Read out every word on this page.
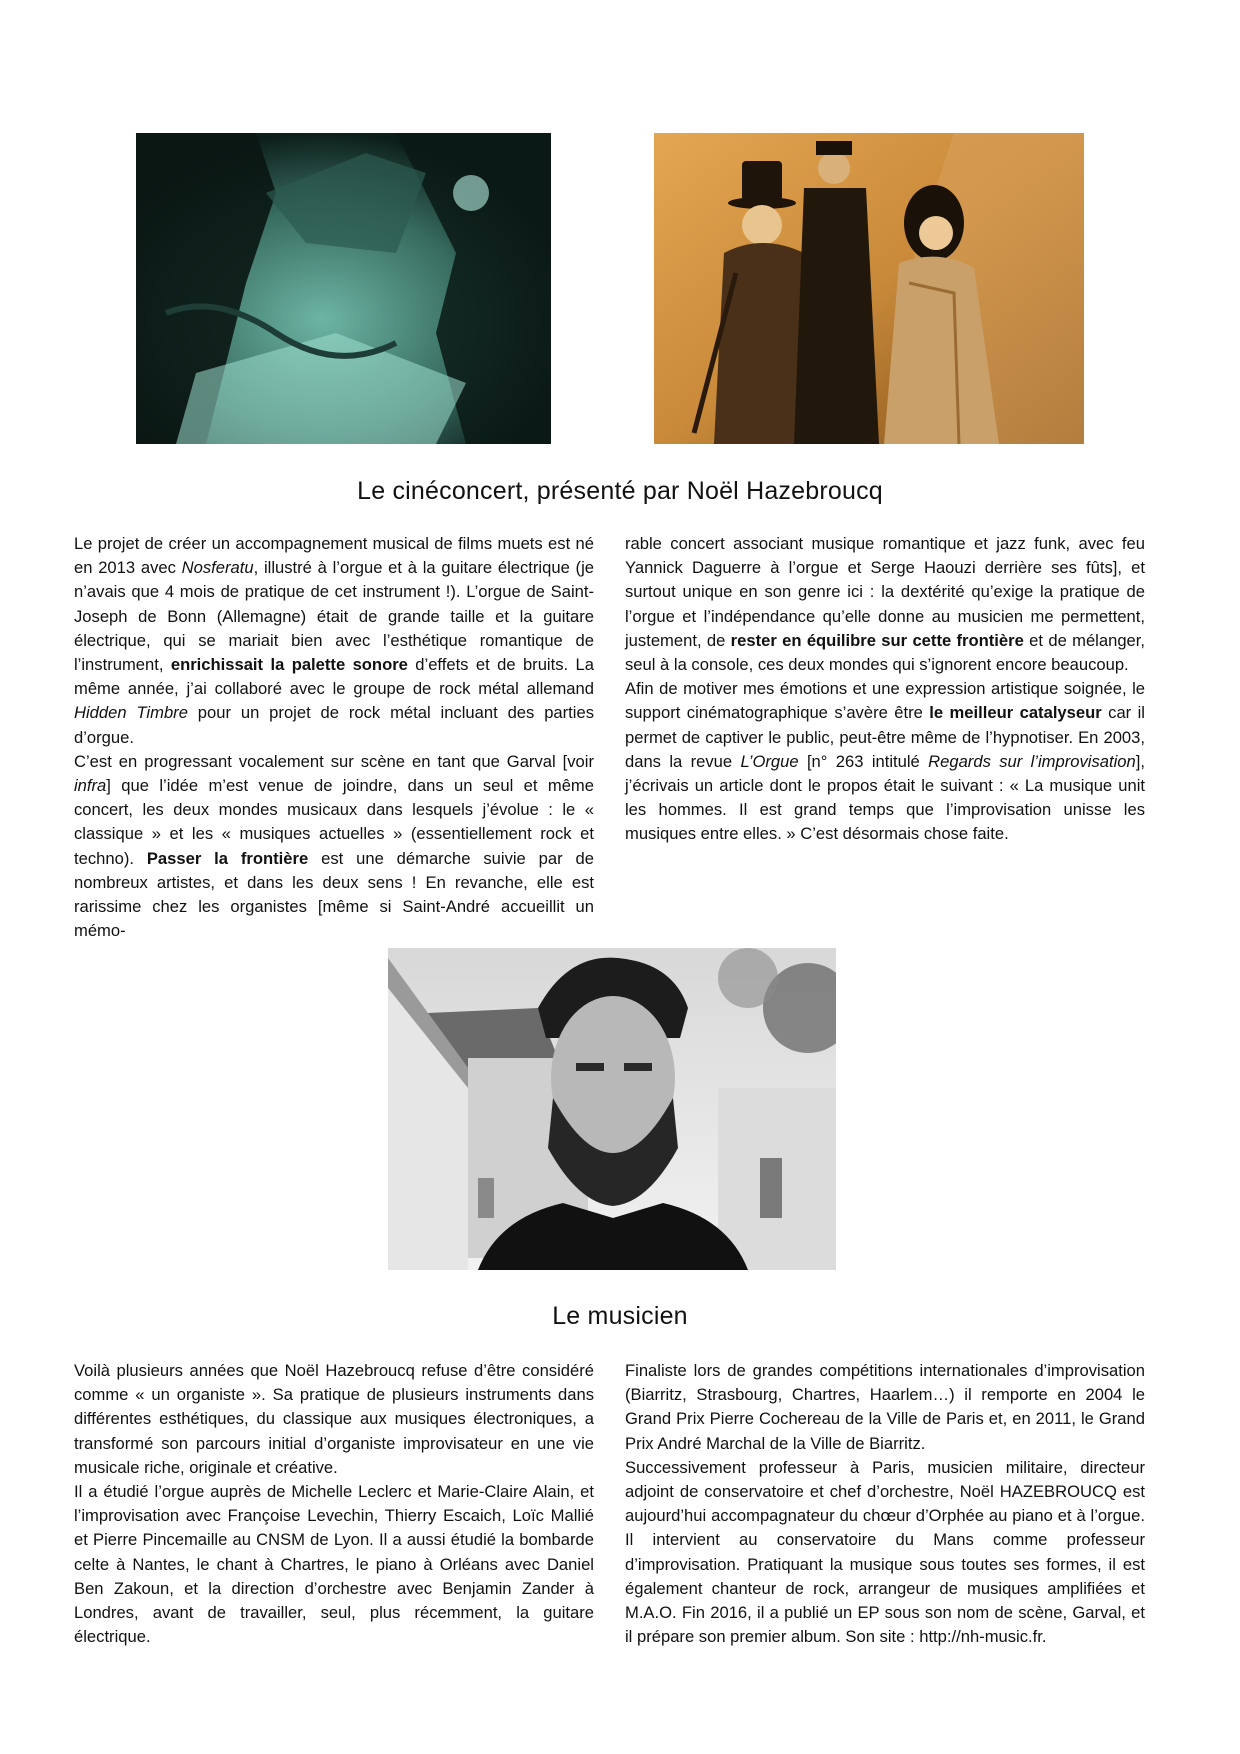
Le cinéconcert, présenté par Noël Hazebroucq

Le projet de créer un accompagnement musical de films muets est né en 2013 avec Nosferatu, illustré à l’orgue et à la guitare électrique (je n’avais que 4 mois de pratique de cet instrument !). L’orgue de Saint-Joseph de Bonn (Allemagne) était de grande taille et la guitare électrique, qui se mariait bien avec l’esthétique romantique de l’instrument, enrichissait la palette sonore d’effets et de bruits. La même année, j’ai collaboré avec le groupe de rock métal allemand Hidden Timbre pour un projet de rock métal incluant des parties d’orgue.

C’est en progressant vocalement sur scène en tant que Garval [voir infra] que l’idée m’est venue de joindre, dans un seul et même concert, les deux mondes musicaux dans lesquels j’évolue : le « classique » et les « musiques actuelles » (essentiellement rock et techno). Passer la frontière est une démarche suivie par de nombreux artistes, et dans les deux sens ! En revanche, elle est rarissime chez les organistes [même si Saint-André accueillit un mémo-

rable concert associant musique romantique et jazz funk, avec feu Yannick Daguerre à l’orgue et Serge Haouzi derrière ses fûts], et surtout unique en son genre ici : la dextérité qu’exige la pratique de l’orgue et l’indépendance qu’elle donne au musicien me permettent, justement, de rester en équilibre sur cette frontière et de mélanger, seul à la console, ces deux mondes qui s’ignorent encore beaucoup.

Afin de motiver mes émotions et une expression artistique soignée, le support cinématographique s’avère être le meilleur catalyseur car il permet de captiver le public, peut-être même de l’hypnotiser. En 2003, dans la revue L’Orgue [n° 263 intitulé Regards sur l’improvisation], j’écrivais un article dont le propos était le suivant : « La musique unit les hommes. Il est grand temps que l’improvisation unisse les musiques entre elles. » C’est désormais chose faite.

Le musicien

Voilà plusieurs années que Noël Hazebroucq refuse d’être considéré comme « un organiste ». Sa pratique de plusieurs instruments dans différentes esthétiques, du classique aux musiques électroniques, a transformé son parcours initial d’organiste improvisateur en une vie musicale riche, originale et créative.

Il a étudié l’orgue auprès de Michelle Leclerc et Marie-Claire Alain, et l’improvisation avec Françoise Levechin, Thierry Escaich, Loïc Mallié et Pierre Pincemaille au CNSM de Lyon. Il a aussi étudié la bombarde celte à Nantes, le chant à Chartres, le piano à Orléans avec Daniel Ben Zakoun, et la direction d’orchestre avec Benjamin Zander à Londres, avant de travailler, seul, plus récemment, la guitare électrique.

Finaliste lors de grandes compétitions internationales d’improvisation (Biarritz, Strasbourg, Chartres, Haarlem…) il remporte en 2004 le Grand Prix Pierre Cochereau de la Ville de Paris et, en 2011, le Grand Prix André Marchal de la Ville de Biarritz.

Successivement professeur à Paris, musicien militaire, directeur adjoint de conservatoire et chef d’orchestre, Noël HAZEBROUCQ est aujourd’hui accompagnateur du chœur d’Orphée au piano et à l’orgue. Il intervient au conservatoire du Mans comme professeur d’improvisation. Pratiquant la musique sous toutes ses formes, il est également chanteur de rock, arrangeur de musiques amplifiées et M.A.O. Fin 2016, il a publié un EP sous son nom de scène, Garval, et il prépare son premier album. Son site : http://nh-music.fr.
